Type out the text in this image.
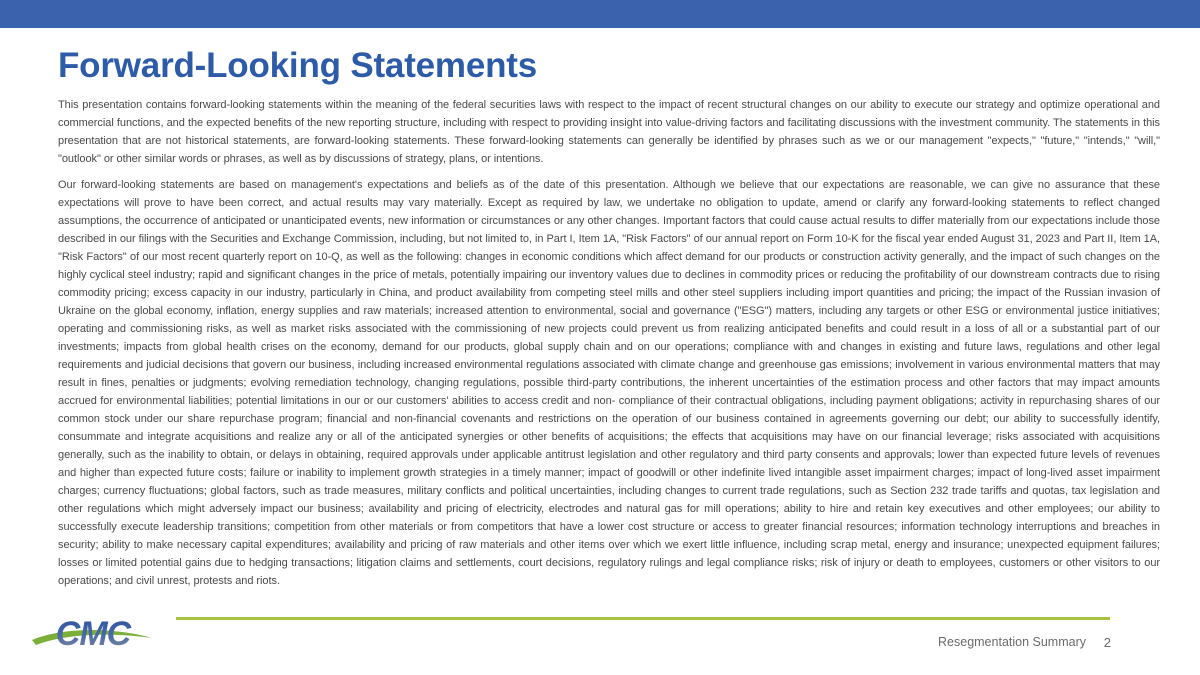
Forward-Looking Statements

This presentation contains forward-looking statements within the meaning of the federal securities laws with respect to the impact of recent structural changes on our ability to execute our strategy and optimize operational and commercial functions, and the expected benefits of the new reporting structure, including with respect to providing insight into value-driving factors and facilitating discussions with the investment community. The statements in this presentation that are not historical statements, are forward-looking statements. These forward-looking statements can generally be identified by phrases such as we or our management "expects," "future," "intends," "will," "outlook" or other similar words or phrases, as well as by discussions of strategy, plans, or intentions.

Our forward-looking statements are based on management's expectations and beliefs as of the date of this presentation. Although we believe that our expectations are reasonable, we can give no assurance that these expectations will prove to have been correct, and actual results may vary materially. Except as required by law, we undertake no obligation to update, amend or clarify any forward-looking statements to reflect changed assumptions, the occurrence of anticipated or unanticipated events, new information or circumstances or any other changes. Important factors that could cause actual results to differ materially from our expectations include those described in our filings with the Securities and Exchange Commission, including, but not limited to, in Part I, Item 1A, "Risk Factors" of our annual report on Form 10-K for the fiscal year ended August 31, 2023 and Part II, Item 1A, "Risk Factors" of our most recent quarterly report on 10-Q, as well as the following: changes in economic conditions which affect demand for our products or construction activity generally, and the impact of such changes on the highly cyclical steel industry; rapid and significant changes in the price of metals, potentially impairing our inventory values due to declines in commodity prices or reducing the profitability of our downstream contracts due to rising commodity pricing; excess capacity in our industry, particularly in China, and product availability from competing steel mills and other steel suppliers including import quantities and pricing; the impact of the Russian invasion of Ukraine on the global economy, inflation, energy supplies and raw materials; increased attention to environmental, social and governance ("ESG") matters, including any targets or other ESG or environmental justice initiatives; operating and commissioning risks, as well as market risks associated with the commissioning of new projects could prevent us from realizing anticipated benefits and could result in a loss of all or a substantial part of our investments; impacts from global health crises on the economy, demand for our products, global supply chain and on our operations; compliance with and changes in existing and future laws, regulations and other legal requirements and judicial decisions that govern our business, including increased environmental regulations associated with climate change and greenhouse gas emissions; involvement in various environmental matters that may result in fines, penalties or judgments; evolving remediation technology, changing regulations, possible third-party contributions, the inherent uncertainties of the estimation process and other factors that may impact amounts accrued for environmental liabilities; potential limitations in our or our customers' abilities to access credit and non- compliance of their contractual obligations, including payment obligations; activity in repurchasing shares of our common stock under our share repurchase program; financial and non-financial covenants and restrictions on the operation of our business contained in agreements governing our debt; our ability to successfully identify, consummate and integrate acquisitions and realize any or all of the anticipated synergies or other benefits of acquisitions; the effects that acquisitions may have on our financial leverage; risks associated with acquisitions generally, such as the inability to obtain, or delays in obtaining, required approvals under applicable antitrust legislation and other regulatory and third party consents and approvals; lower than expected future levels of revenues and higher than expected future costs; failure or inability to implement growth strategies in a timely manner; impact of goodwill or other indefinite lived intangible asset impairment charges; impact of long-lived asset impairment charges; currency fluctuations; global factors, such as trade measures, military conflicts and political uncertainties, including changes to current trade regulations, such as Section 232 trade tariffs and quotas, tax legislation and other regulations which might adversely impact our business; availability and pricing of electricity, electrodes and natural gas for mill operations; ability to hire and retain key executives and other employees; our ability to successfully execute leadership transitions; competition from other materials or from competitors that have a lower cost structure or access to greater financial resources; information technology interruptions and breaches in security; ability to make necessary capital expenditures; availability and pricing of raw materials and other items over which we exert little influence, including scrap metal, energy and insurance; unexpected equipment failures; losses or limited potential gains due to hedging transactions; litigation claims and settlements, court decisions, regulatory rulings and legal compliance risks; risk of injury or death to employees, customers or other visitors to our operations; and civil unrest, protests and riots.

CMC	Resegmentation Summary 2
